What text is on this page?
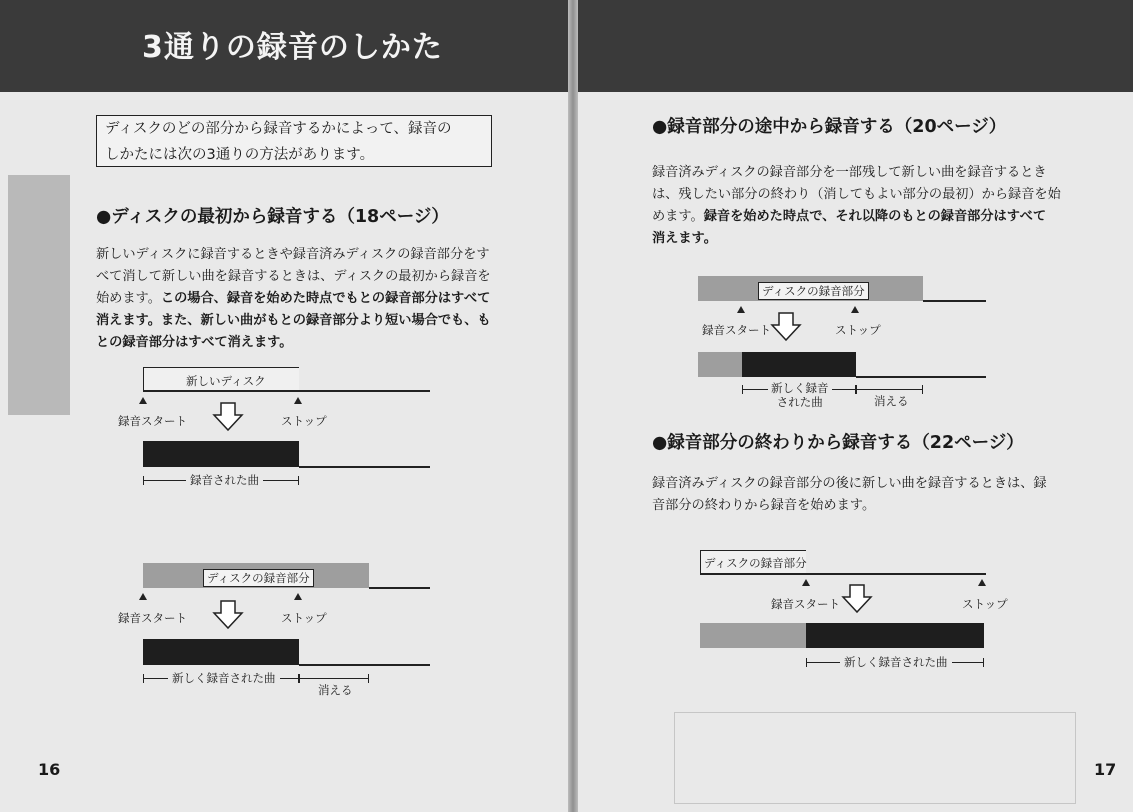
3通りの録音のしかた
ディスクのどの部分から録音するかによって、録音の
しかたには次の3通りの方法があります。
●ディスクの最初から録音する（18ページ）
新しいディスクに録音するときや録音済みディスクの録音部分をす
べて消して新しい曲を録音するときは、ディスクの最初から録音を
始めます。この場合、録音を始めた時点でもとの録音部分はすべて
消えます。また、新しい曲がもとの録音部分より短い場合でも、も
との録音部分はすべて消えます。
新しいディスク
録音スタート	ストップ
録音された曲
ディスクの録音部分
録音スタート	ストップ
新しく録音された曲
消える
16
●録音部分の途中から録音する（20ページ）
録音済みディスクの録音部分を一部残して新しい曲を録音するとき
は、残したい部分の終わり（消してもよい部分の最初）から録音を始
めます。録音を始めた時点で、それ以降のもとの録音部分はすべて
消えます。
ディスクの録音部分
録音スタート	ストップ
新しく録音
された曲	消える
●録音部分の終わりから録音する（22ページ）
録音済みディスクの録音部分の後に新しい曲を録音するときは、録
音部分の終わりから録音を始めます。
ディスクの録音部分
録音スタート	ストップ
新しく録音された曲
17
